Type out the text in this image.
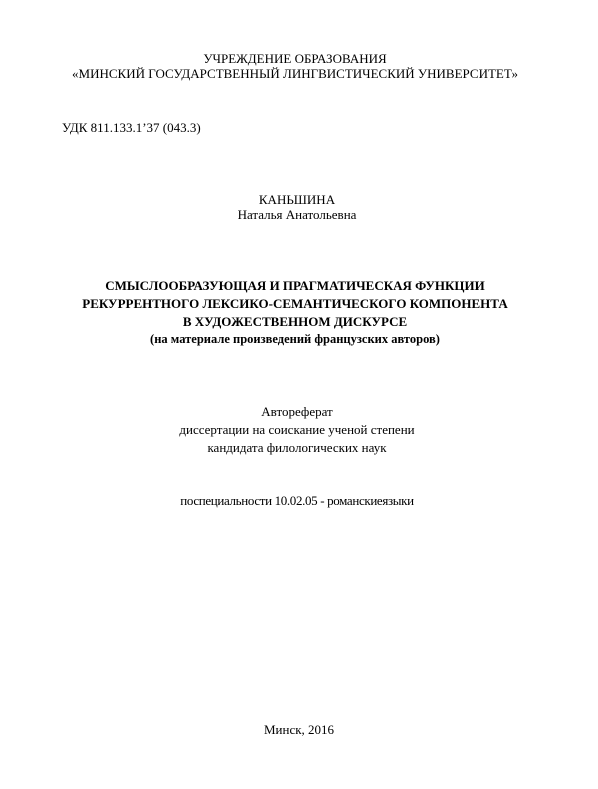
УЧРЕЖДЕНИЕ ОБРАЗОВАНИЯ
«МИНСКИЙ ГОСУДАРСТВЕННЫЙ ЛИНГВИСТИЧЕСКИЙ УНИВЕРСИТЕТ»
УДК 811.133.1’37 (043.3)
КАНЬШИНА
Наталья Анатольевна
СМЫСЛООБРАЗУЮЩАЯ И ПРАГМАТИЧЕСКАЯ ФУНКЦИИ
РЕКУРРЕНТНОГО ЛЕКСИКО-СЕМАНТИЧЕСКОГО КОМПОНЕНТА
В ХУДОЖЕСТВЕННОМ ДИСКУРСЕ
(на материале произведений французских авторов)
Автореферат
диссертации на соискание ученой степени
кандидата филологических наук
поспециальности 10.02.05 - романскиеязыки
Минск, 2016
